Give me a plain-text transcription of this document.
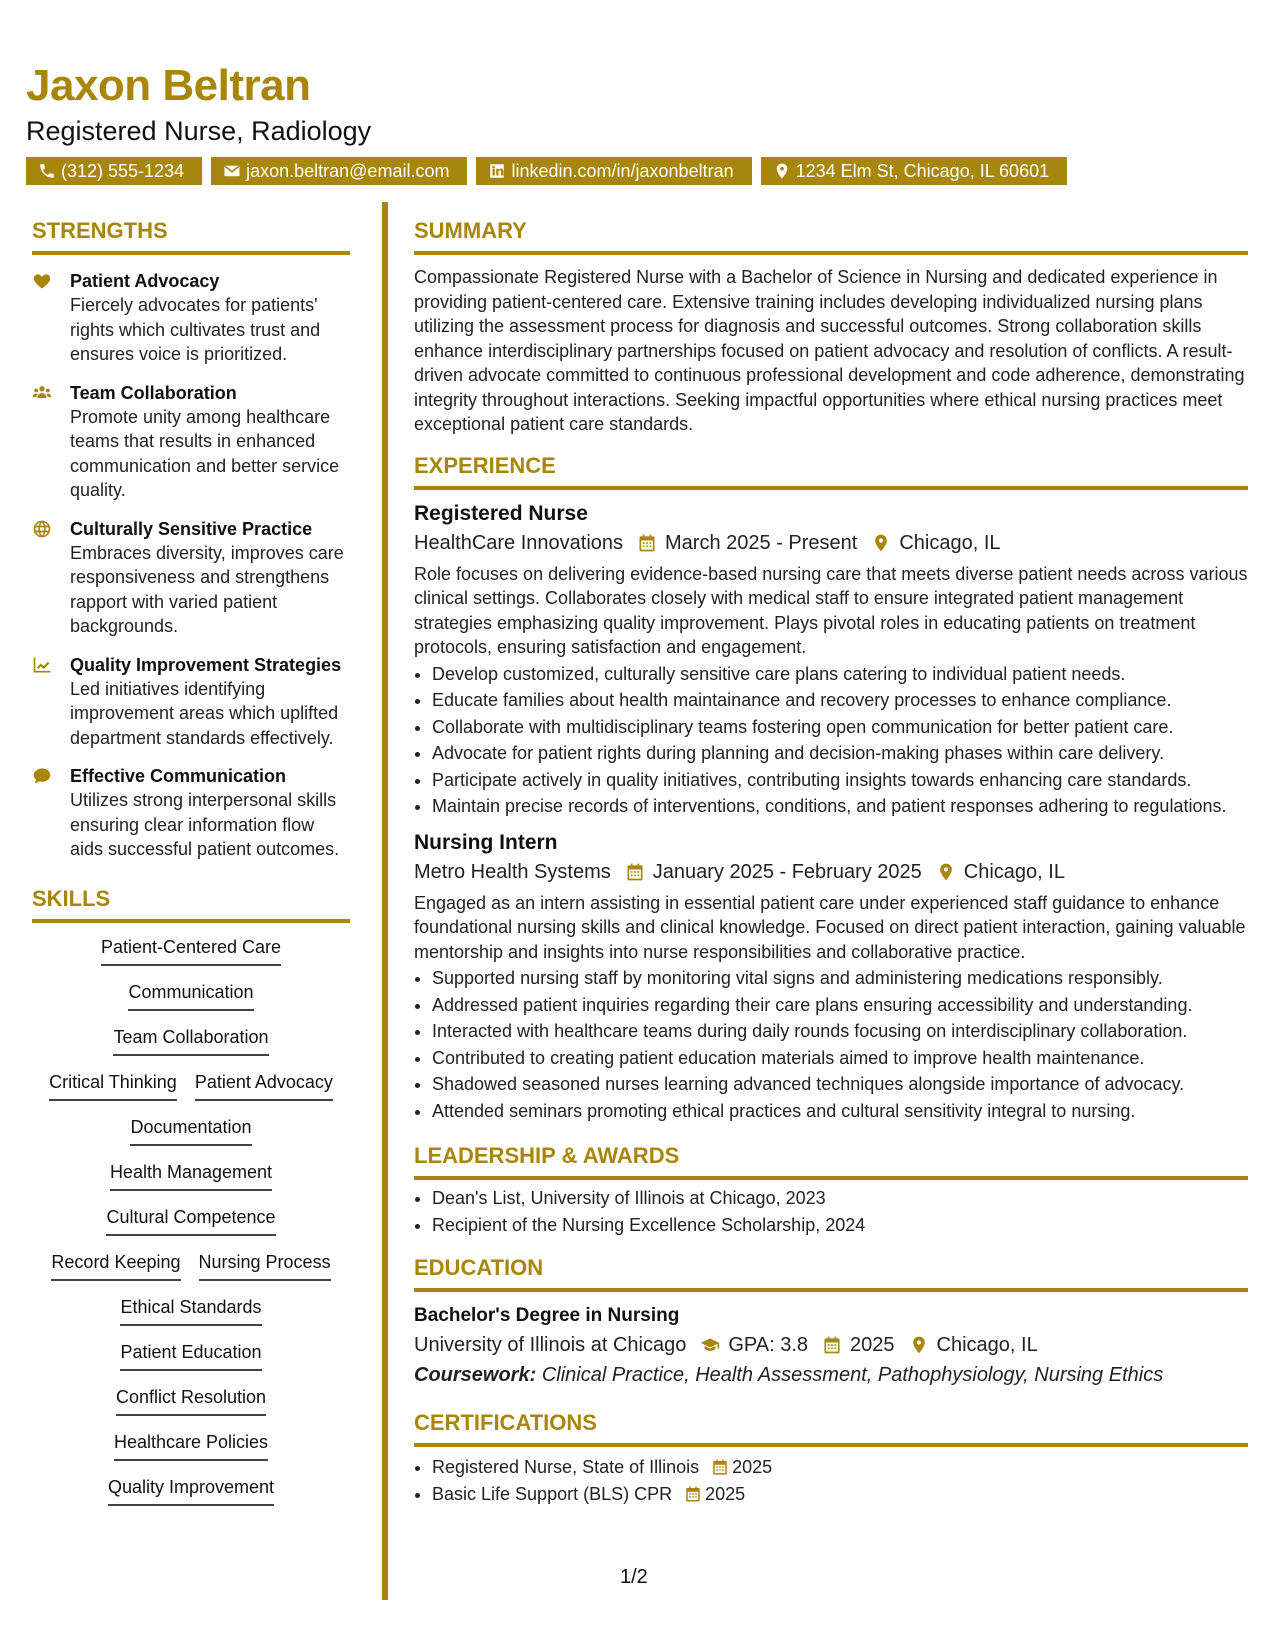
Jaxon Beltran
Registered Nurse, Radiology
(312) 555-1234	jaxon.beltran@email.com	linkedin.com/in/jaxonbeltran	1234 Elm St, Chicago, IL 60601
STRENGTHS
Patient Advocacy
Fiercely advocates for patients' rights which cultivates trust and ensures voice is prioritized.
Team Collaboration
Promote unity among healthcare teams that results in enhanced communication and better service quality.
Culturally Sensitive Practice
Embraces diversity, improves care responsiveness and strengthens rapport with varied patient backgrounds.
Quality Improvement Strategies
Led initiatives identifying improvement areas which uplifted department standards effectively.
Effective Communication
Utilizes strong interpersonal skills ensuring clear information flow aids successful patient outcomes.
SKILLS
Patient-Centered Care
Communication
Team Collaboration
Critical Thinking Patient Advocacy
Documentation
Health Management
Cultural Competence
Record Keeping Nursing Process
Ethical Standards
Patient Education
Conflict Resolution
Healthcare Policies
Quality Improvement
SUMMARY
Compassionate Registered Nurse with a Bachelor of Science in Nursing and dedicated experience in providing patient-centered care. Extensive training includes developing individualized nursing plans utilizing the assessment process for diagnosis and successful outcomes. Strong collaboration skills enhance interdisciplinary partnerships focused on patient advocacy and resolution of conflicts. A result-driven advocate committed to continuous professional development and code adherence, demonstrating integrity throughout interactions. Seeking impactful opportunities where ethical nursing practices meet exceptional patient care standards.
EXPERIENCE
Registered Nurse
HealthCare Innovations March 2025 - Present Chicago, IL
Role focuses on delivering evidence-based nursing care that meets diverse patient needs across various clinical settings. Collaborates closely with medical staff to ensure integrated patient management strategies emphasizing quality improvement. Plays pivotal roles in educating patients on treatment protocols, ensuring satisfaction and engagement.
• Develop customized, culturally sensitive care plans catering to individual patient needs.
• Educate families about health maintainance and recovery processes to enhance compliance.
• Collaborate with multidisciplinary teams fostering open communication for better patient care.
• Advocate for patient rights during planning and decision-making phases within care delivery.
• Participate actively in quality initiatives, contributing insights towards enhancing care standards.
• Maintain precise records of interventions, conditions, and patient responses adhering to regulations.
Nursing Intern
Metro Health Systems January 2025 - February 2025 Chicago, IL
Engaged as an intern assisting in essential patient care under experienced staff guidance to enhance foundational nursing skills and clinical knowledge. Focused on direct patient interaction, gaining valuable mentorship and insights into nurse responsibilities and collaborative practice.
• Supported nursing staff by monitoring vital signs and administering medications responsibly.
• Addressed patient inquiries regarding their care plans ensuring accessibility and understanding.
• Interacted with healthcare teams during daily rounds focusing on interdisciplinary collaboration.
• Contributed to creating patient education materials aimed to improve health maintenance.
• Shadowed seasoned nurses learning advanced techniques alongside importance of advocacy.
• Attended seminars promoting ethical practices and cultural sensitivity integral to nursing.
LEADERSHIP & AWARDS
• Dean's List, University of Illinois at Chicago, 2023
• Recipient of the Nursing Excellence Scholarship, 2024
EDUCATION
Bachelor's Degree in Nursing
University of Illinois at Chicago GPA: 3.8 2025 Chicago, IL
Coursework: Clinical Practice, Health Assessment, Pathophysiology, Nursing Ethics
CERTIFICATIONS
• Registered Nurse, State of Illinois 2025
• Basic Life Support (BLS) CPR 2025
1/2
